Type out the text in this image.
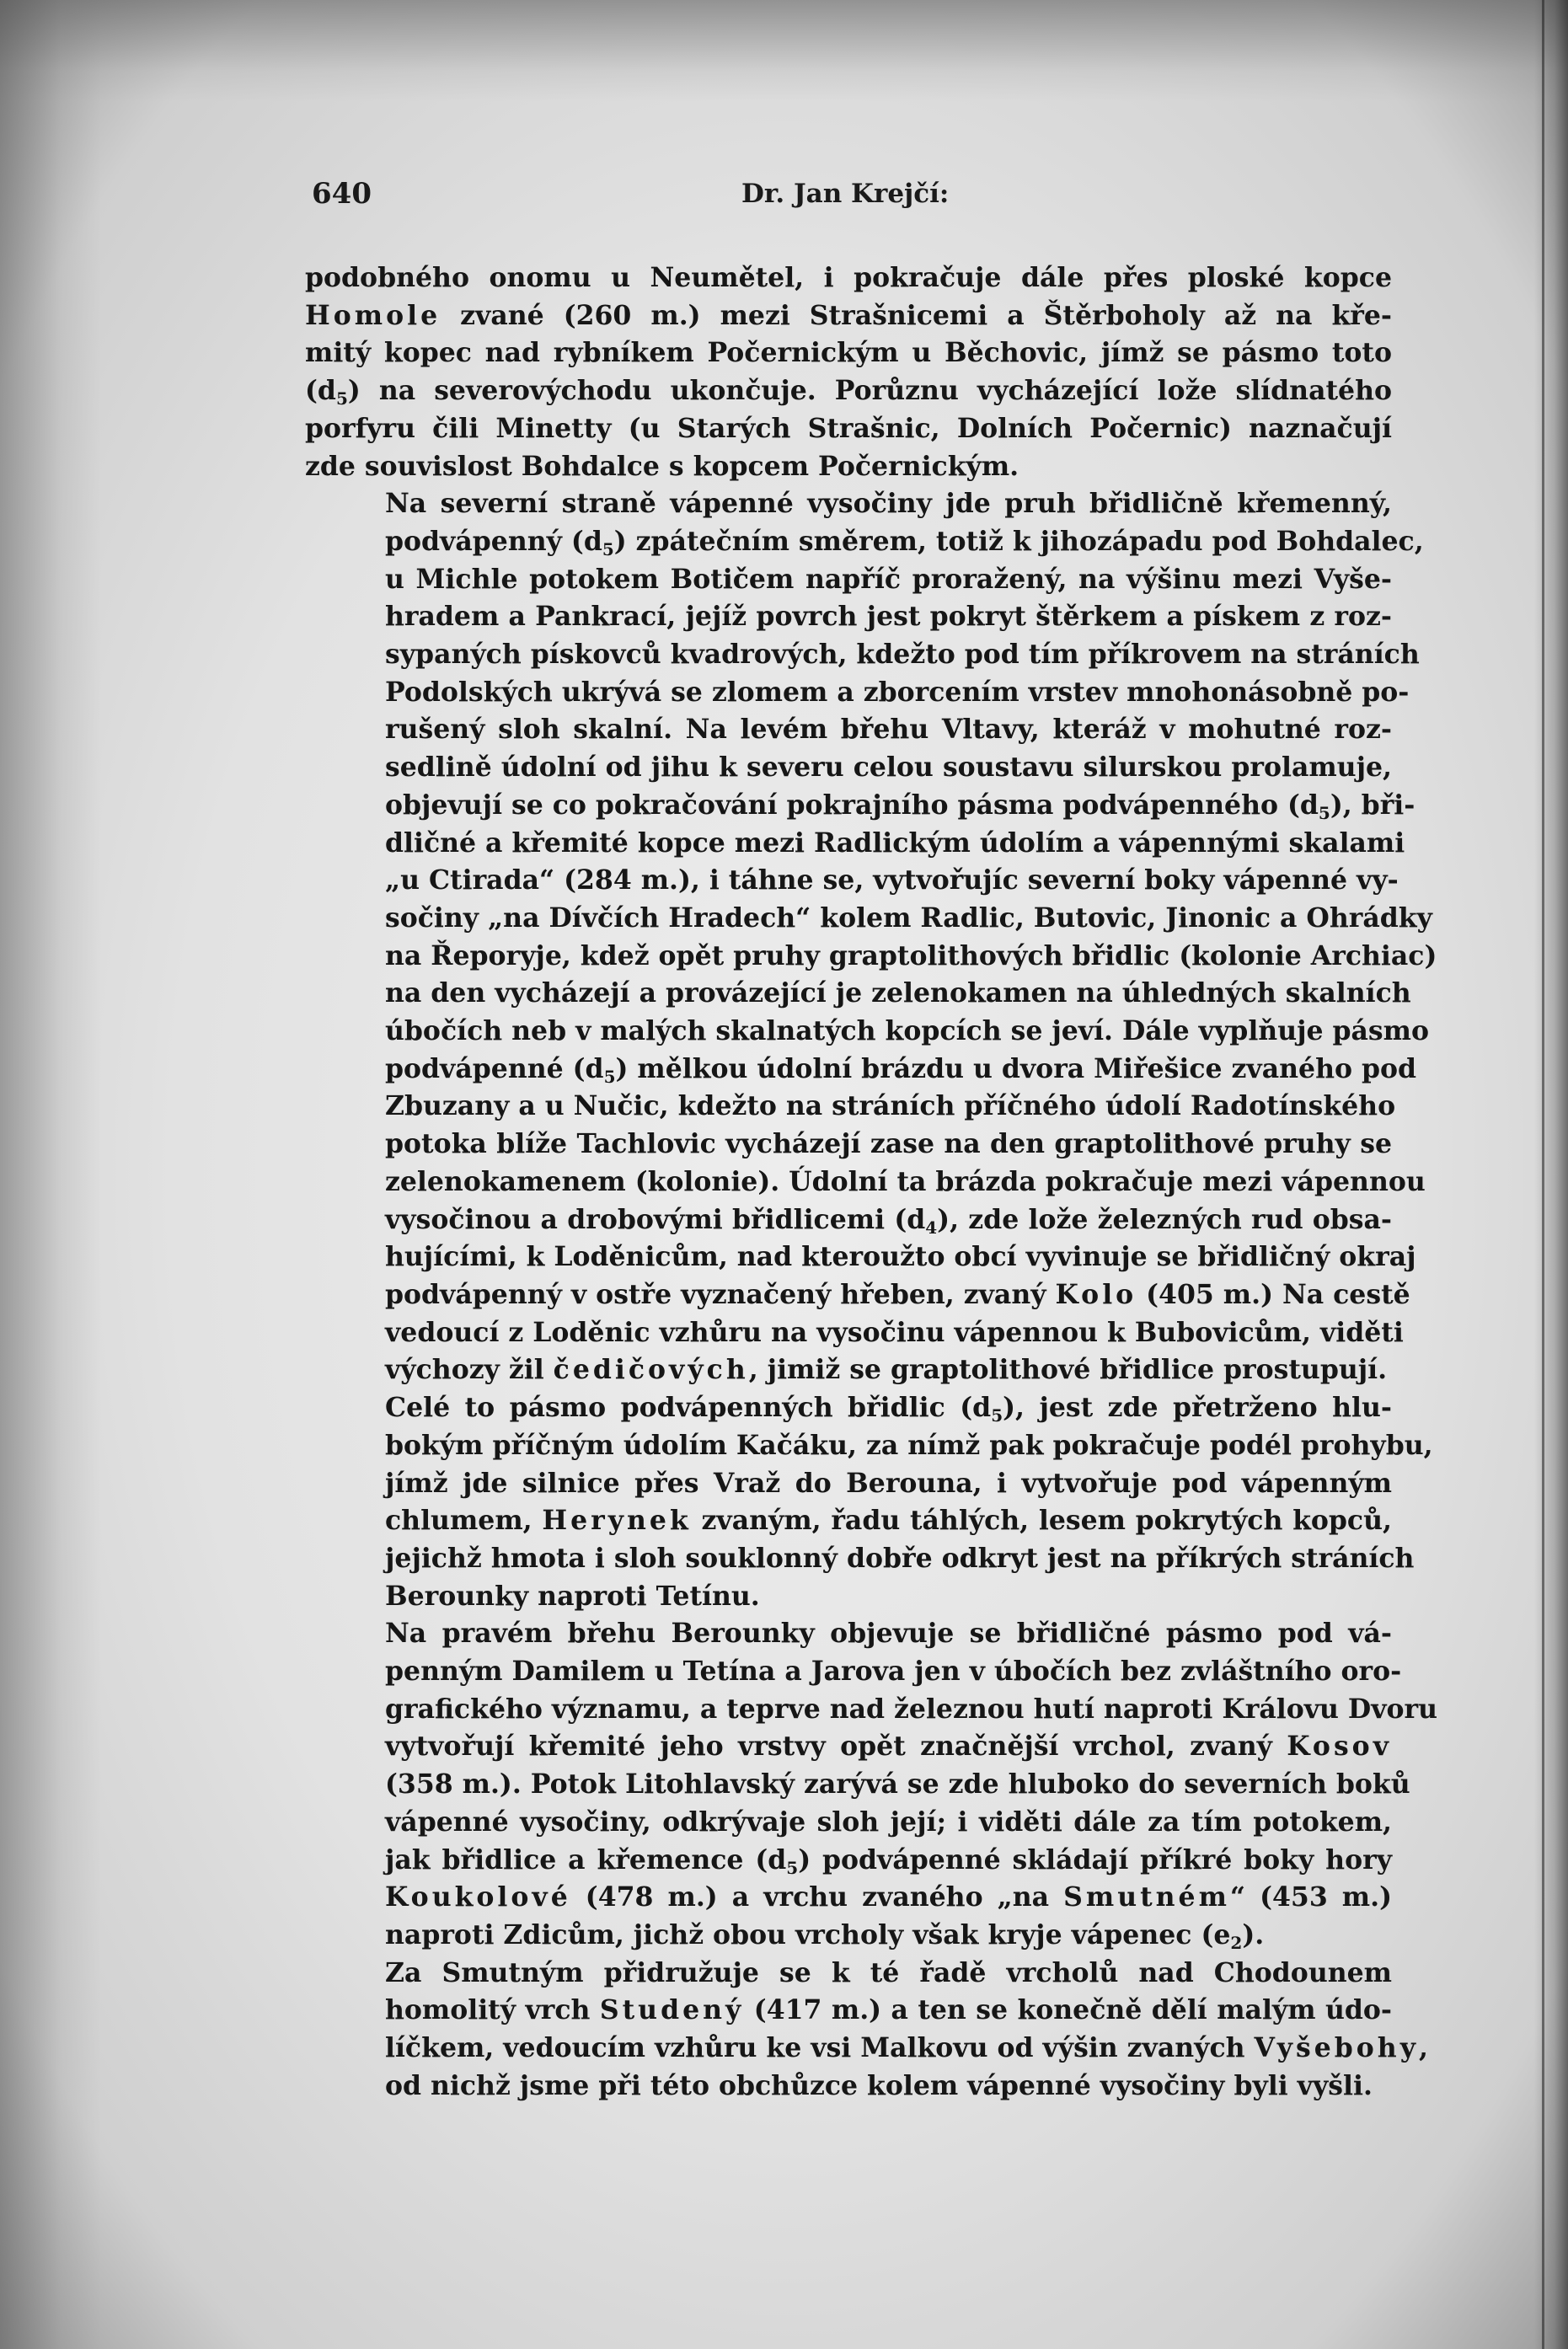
640	Dr. Jan Krejčí:
podobného onomu u Neumětel, i pokračuje dále přes ploské kopce
Homole zvané (260 m.) mezi Strašnicemi a Štěrboholy až na kře-
mitý kopec nad rybníkem Počernickým u Běchovic, jímž se pásmo toto
$(d_5)$ na severovýchodu ukončuje. Porůznu vycházející lože slídnatého
porfyru čili Minetty (u Starých Strašnic, Dolních Počernic) naznačují
zde souvislost Bohdalce s kopcem Počernickým.
Na severní straně vápenné vysočiny jde pruh břidličně křemenný,
podvápenný $(d_5)$ zpátečním směrem, totiž k jihozápadu pod Bohdalec,
u Michle potokem Botičem napříč proražený, na výšinu mezi Vyše-
hradem a Pankrací, jejíž povrch jest pokryt štěrkem a pískem z roz-
sypaných pískovců kvadrových, kdežto pod tím příkrovem na stráních
Podolských ukrývá se zlomem a zborcením vrstev mnohonásobně po-
rušený sloh skalní. Na levém břehu Vltavy, kteráž v mohutné roz-
sedlině údolní od jihu k severu celou soustavu silurskou prolamuje,
objevují se co pokračování pokrajního pásma podvápenného $(d_5)$, bři-
dličné a křemité kopce mezi Radlickým údolím a vápennými skalami
„u Ctirada“ (284 m.), i táhne se, vytvořujíc severní boky vápenné vy-
sočiny „na Dívčích Hradech“ kolem Radlic, Butovic, Jinonic a Ohrádky
na Řeporyje, kdež opět pruhy graptolithových břidlic (kolonie Archiac)
na den vycházejí a provázející je zelenokamen na úhledných skalních
úbočích neb v malých skalnatých kopcích se jeví. Dále vyplňuje pásmo
podvápenné $(d_5)$ mělkou údolní brázdu u dvora Miřešice zvaného pod
Zbuzany a u Nučic, kdežto na stráních příčného údolí Radotínského
potoka blíže Tachlovic vycházejí zase na den graptolithové pruhy se
zelenokamenem (kolonie). Údolní ta brázda pokračuje mezi vápennou
vysočinou a drobovými břidlicemi $(d_4)$, zde lože železných rud obsa-
hujícími, k Loděnicům, nad kteroužto obcí vyvinuje se břidličný okraj
podvápenný v ostře vyznačený hřeben, zvaný Kolo (405 m.) Na cestě
vedoucí z Loděnic vzhůru na vysočinu vápennou k Bubovicům, viděti
výchozy žil čedičových, jimiž se graptolithové břidlice prostupují.
Celé to pásmo podvápenných břidlic $(d_5)$, jest zde přetrženo hlu-
bokým příčným údolím Kačáku, za nímž pak pokračuje podél prohybu,
jímž jde silnice přes Vraž do Berouna, i vytvořuje pod vápenným
chlumem, Herynek zvaným, řadu táhlých, lesem pokrytých kopců,
jejichž hmota i sloh souklonný dobře odkryt jest na příkrých stráních
Berounky naproti Tetínu.
Na pravém břehu Berounky objevuje se břidličné pásmo pod vá-
penným Damilem u Tetína a Jarova jen v úbočích bez zvláštního oro-
grafického významu, a teprve nad železnou hutí naproti Královu Dvoru
vytvořují křemité jeho vrstvy opět značnější vrchol, zvaný Kosov
(358 m.). Potok Litohlavský zarývá se zde hluboko do severních boků
vápenné vysočiny, odkrývaje sloh její; i viděti dále za tím potokem,
jak břidlice a křemence $(d_5)$ podvápenné skládají příkré boky hory
Koukolové (478 m.) a vrchu zvaného „na Smutném“ (453 m.)
naproti Zdicům, jichž obou vrcholy však kryje vápenec $(e_2)$.
Za Smutným přidružuje se k té řadě vrcholů nad Chodounem
homolitý vrch Studený (417 m.) a ten se konečně dělí malým údo-
líčkem, vedoucím vzhůru ke vsi Malkovu od výšin zvaných Vyšebohy,
od nichž jsme při této obchůzce kolem vápenné vysočiny byli vyšli.
